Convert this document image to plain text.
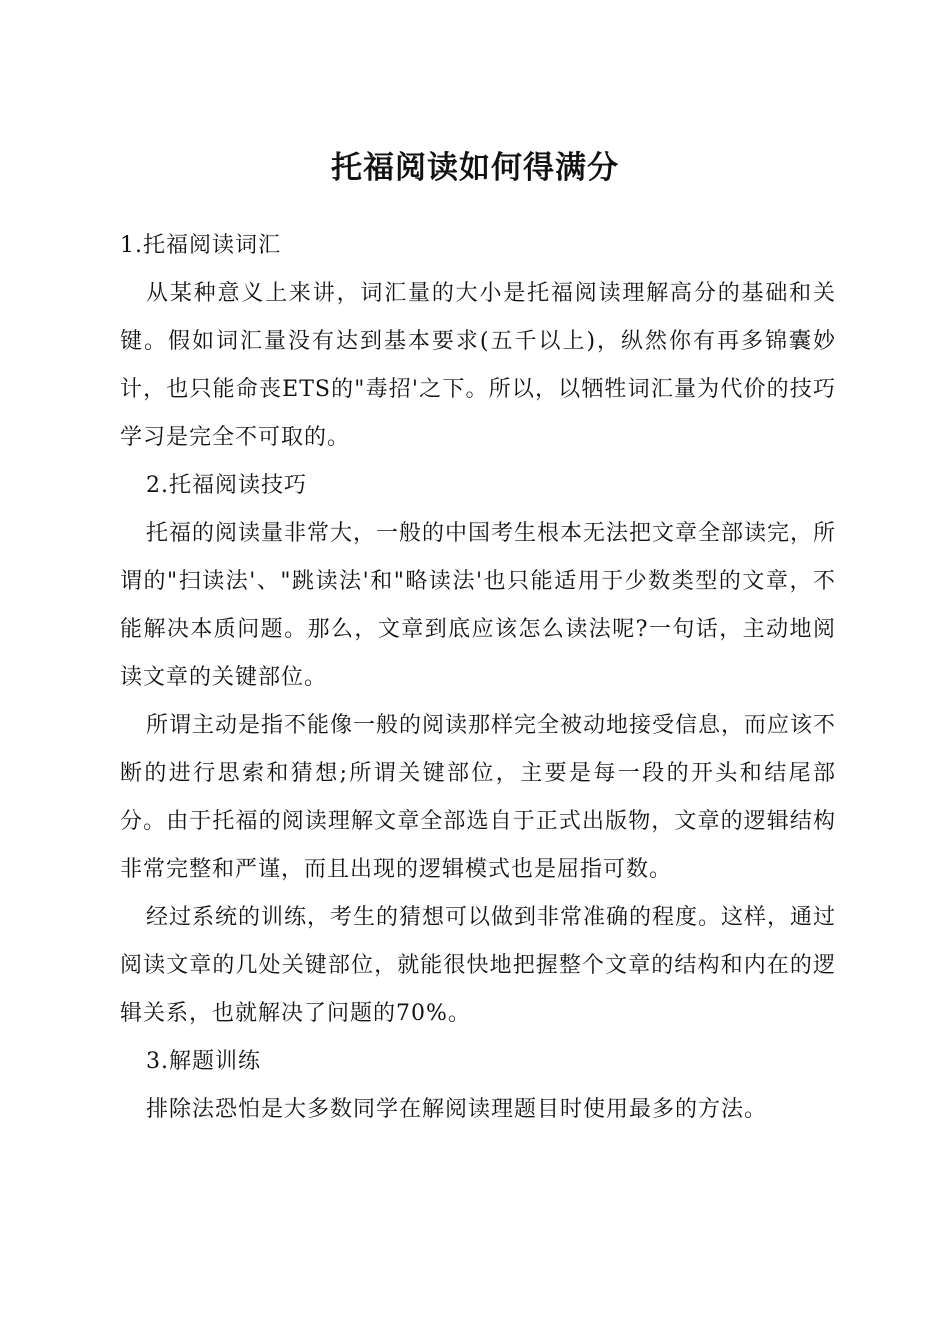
托福阅读如何得满分

1.托福阅读词汇

从某种意义上来讲，词汇量的大小是托福阅读理解高分的基础和关键。假如词汇量没有达到基本要求(五千以上)，纵然你有再多锦囊妙计，也只能命丧ETS的"毒招'之下。所以，以牺牲词汇量为代价的技巧学习是完全不可取的。

2.托福阅读技巧

托福的阅读量非常大，一般的中国考生根本无法把文章全部读完，所谓的"扫读法'、"跳读法'和"略读法'也只能适用于少数类型的文章，不能解决本质问题。那么，文章到底应该怎么读法呢?一句话，主动地阅读文章的关键部位。

所谓主动是指不能像一般的阅读那样完全被动地接受信息，而应该不断的进行思索和猜想;所谓关键部位，主要是每一段的开头和结尾部分。由于托福的阅读理解文章全部选自于正式出版物，文章的逻辑结构非常完整和严谨，而且出现的逻辑模式也是屈指可数。

经过系统的训练，考生的猜想可以做到非常准确的程度。这样，通过阅读文章的几处关键部位，就能很快地把握整个文章的结构和内在的逻辑关系，也就解决了问题的70%。

3.解题训练

排除法恐怕是大多数同学在解阅读理题目时使用最多的方法。
